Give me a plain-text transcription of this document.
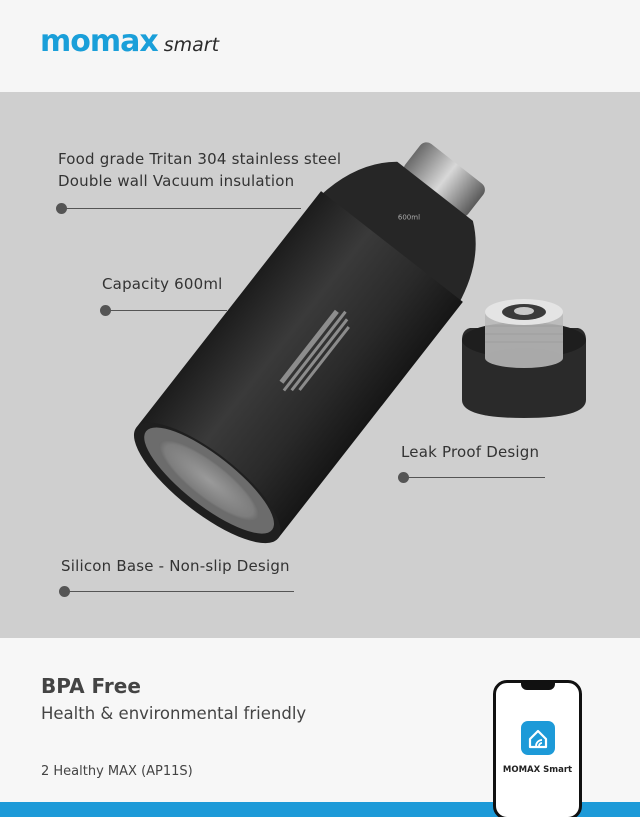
momax smart
600ml
Food grade Tritan 304 stainless steel
Double wall Vacuum insulation
Capacity 600ml
Leak Proof Design
Silicon Base - Non-slip Design
BPA Free
Health & environmental friendly
2 Healthy MAX (AP11S)	MOMAX Smart
